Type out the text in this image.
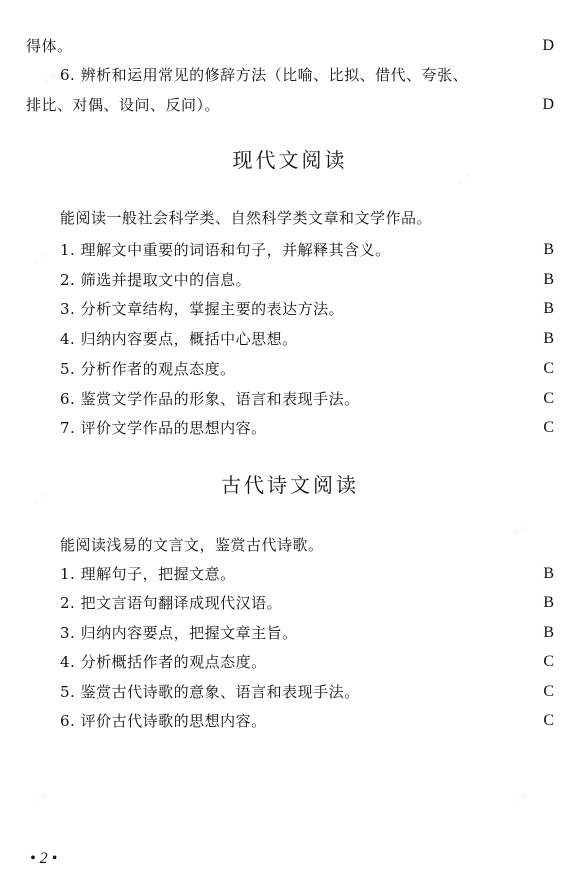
◦◦
◦◦
◦◦
◦◦
◦◦
◦◦	◦◦
得体。	D
6. 辨析和运用常见的修辞方法（比喻、比拟、借代、夸张、
排比、对偶、设问、反问）。	D
现代文阅读
能阅读一般社会科学类、自然科学类文章和文学作品。
1. 理解文中重要的词语和句子，并解释其含义。	B
2. 筛选并提取文中的信息。	B
3. 分析文章结构，掌握主要的表达方法。	B
4. 归纳内容要点，概括中心思想。	B
5. 分析作者的观点态度。	C
6. 鉴赏文学作品的形象、语言和表现手法。	C
7. 评价文学作品的思想内容。	C
古代诗文阅读
能阅读浅易的文言文，鉴赏古代诗歌。
1. 理解句子，把握文意。	B
2. 把文言语句翻译成现代汉语。	B
3. 归纳内容要点，把握文章主旨。	B
4. 分析概括作者的观点态度。	C
5. 鉴赏古代诗歌的意象、语言和表现手法。	C
6. 评价古代诗歌的思想内容。	C
• 2 •
